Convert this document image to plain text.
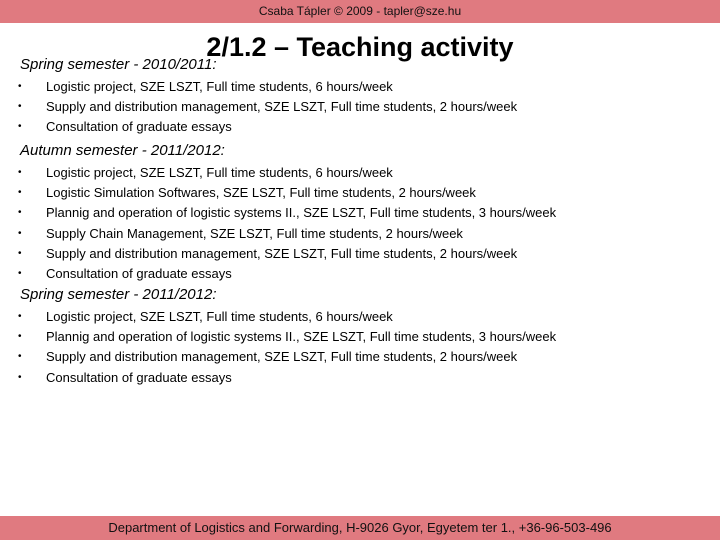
Csaba Tápler © 2009 - tapler@sze.hu
2/1.2 – Teaching activity
Spring semester - 2010/2011:
• Logistic project, SZE LSZT, Full time students, 6 hours/week
• Supply and distribution management, SZE LSZT, Full time students, 2 hours/week
• Consultation of graduate essays
Autumn semester - 2011/2012:
• Logistic project, SZE LSZT, Full time students, 6 hours/week
• Logistic Simulation Softwares, SZE LSZT, Full time students, 2 hours/week
• Plannig and operation of logistic systems II., SZE LSZT, Full time students, 3 hours/week
• Supply Chain Management, SZE LSZT, Full time students, 2 hours/week
• Supply and distribution management, SZE LSZT, Full time students, 2 hours/week
• Consultation of graduate essays
Spring semester - 2011/2012:
• Logistic project, SZE LSZT, Full time students, 6 hours/week
• Plannig and operation of logistic systems II., SZE LSZT, Full time students, 3 hours/week
• Supply and distribution management, SZE LSZT, Full time students, 2 hours/week
• Consultation of graduate essays
Department of Logistics and Forwarding, H-9026 Gyor, Egyetem ter 1., +36-96-503-496
